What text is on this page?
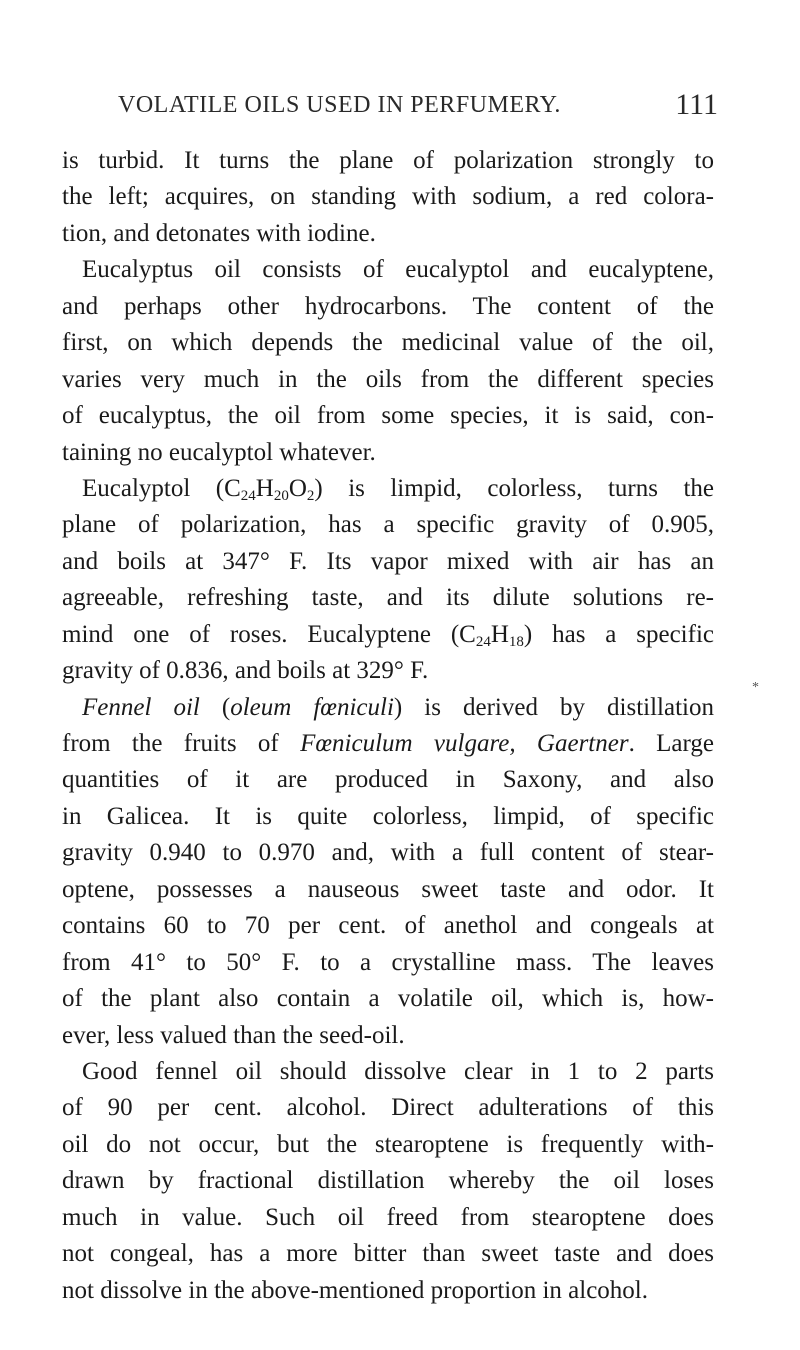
VOLATILE OILS USED IN PERFUMERY.	111
is turbid. It turns the plane of polarization strongly to
the left; acquires, on standing with sodium, a red colora-
tion, and detonates with iodine.
Eucalyptus oil consists of eucalyptol and eucalyptene,
and perhaps other hydrocarbons. The content of the
first, on which depends the medicinal value of the oil,
varies very much in the oils from the different species
of eucalyptus, the oil from some species, it is said, con-
taining no eucalyptol whatever.
Eucalyptol $(C_{24}H_{20}O_2)$ is limpid, colorless, turns the
plane of polarization, has a specific gravity of 0.905,
and boils at 347° F. Its vapor mixed with air has an
agreeable, refreshing taste, and its dilute solutions re-
mind one of roses. Eucalyptene $(C_{24}H_{18})$ has a specific
gravity of 0.836, and boils at 329° F.
Fennel oil (oleum fœniculi) is derived by distillation
from the fruits of Fœniculum vulgare, Gaertner. Large
quantities of it are produced in Saxony, and also
in Galicea. It is quite colorless, limpid, of specific
gravity 0.940 to 0.970 and, with a full content of stear-
optene, possesses a nauseous sweet taste and odor. It
contains 60 to 70 per cent. of anethol and congeals at
from 41° to 50° F. to a crystalline mass. The leaves
of the plant also contain a volatile oil, which is, how-
ever, less valued than the seed-oil.
Good fennel oil should dissolve clear in 1 to 2 parts
of 90 per cent. alcohol. Direct adulterations of this
oil do not occur, but the stearoptene is frequently with-
drawn by fractional distillation whereby the oil loses
much in value. Such oil freed from stearoptene does
not congeal, has a more bitter than sweet taste and does
not dissolve in the above-mentioned proportion in alcohol.
*
